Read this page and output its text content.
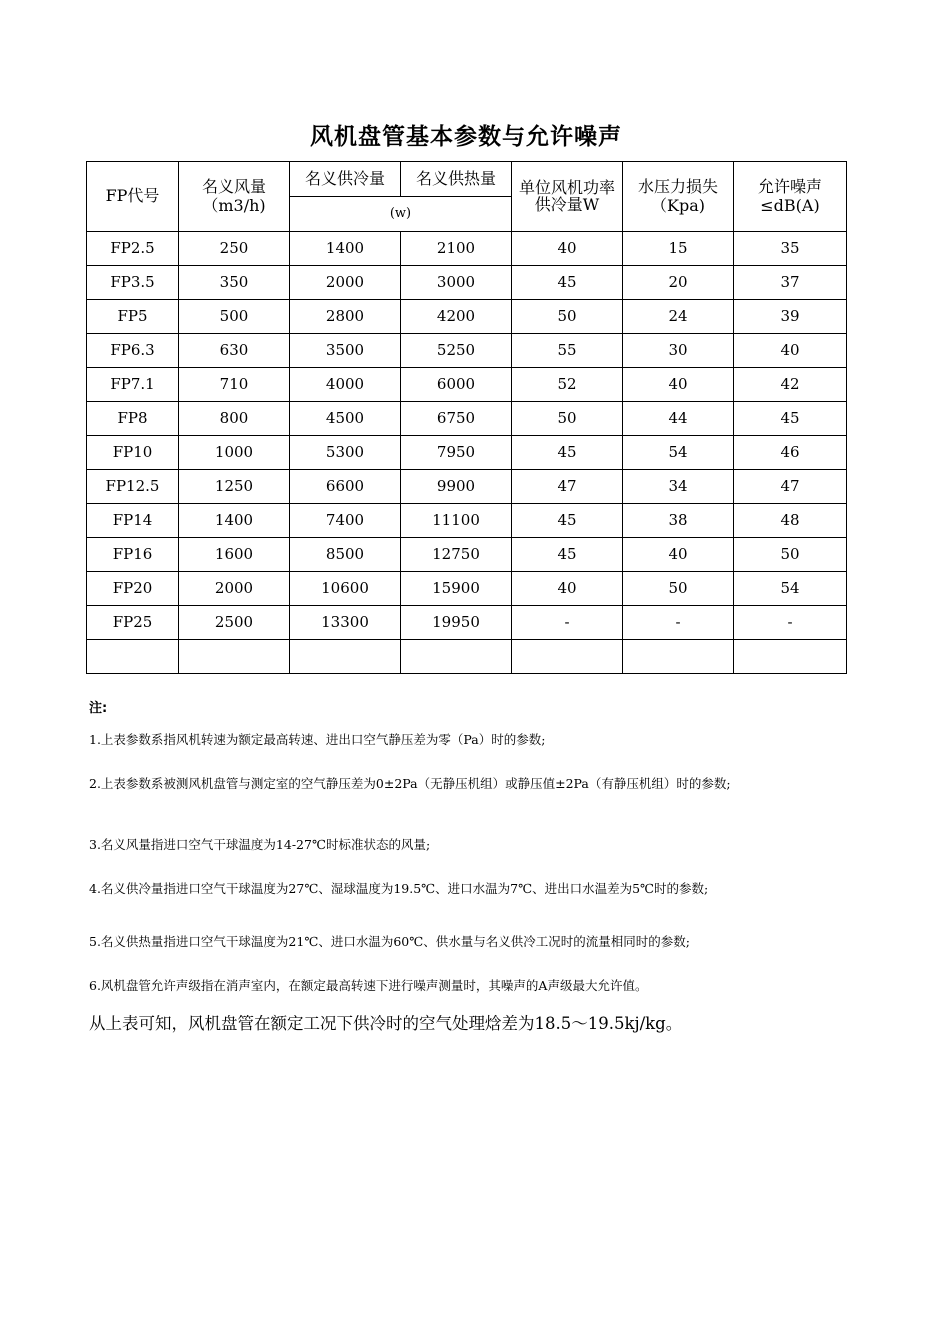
风机盘管基本参数与允许噪声
FP代号	名义风量（m3/h)	名义供冷量	名义供热量	单位风机功率供冷量W	水压力损失（Kpa)	允许噪声≤dB(A)
		(w)				
FP2.5	250	1400	2100	40	15	35
FP3.5	350	2000	3000	45	20	37
FP5	500	2800	4200	50	24	39
FP6.3	630	3500	5250	55	30	40
FP7.1	710	4000	6000	52	40	42
FP8	800	4500	6750	50	44	45
FP10	1000	5300	7950	45	54	46
FP12.5	1250	6600	9900	47	34	47
FP14	1400	7400	11100	45	38	48
FP16	1600	8500	12750	45	40	50
FP20	2000	10600	15900	40	50	54
FP25	2500	13300	19950	-	-	-

注:
1.上表参数系指风机转速为额定最高转速、进出口空气静压差为零（Pa）时的参数;
2.上表参数系被测风机盘管与测定室的空气静压差为0±2Pa（无静压机组）或静压值±2Pa（有静压机组）时的参数;
3.名义风量指进口空气干球温度为14-27℃时标准状态的风量;
4.名义供冷量指进口空气干球温度为27℃、湿球温度为19.5℃、进口水温为7℃、进出口水温差为5℃时的参数;
5.名义供热量指进口空气干球温度为21℃、进口水温为60℃、供水量与名义供冷工况时的流量相同时的参数;
6.风机盘管允许声级指在消声室内，在额定最高转速下进行噪声测量时，其噪声的A声级最大允许值。
从上表可知，风机盘管在额定工况下供冷时的空气处理焓差为18.5～19.5kj/kg。
